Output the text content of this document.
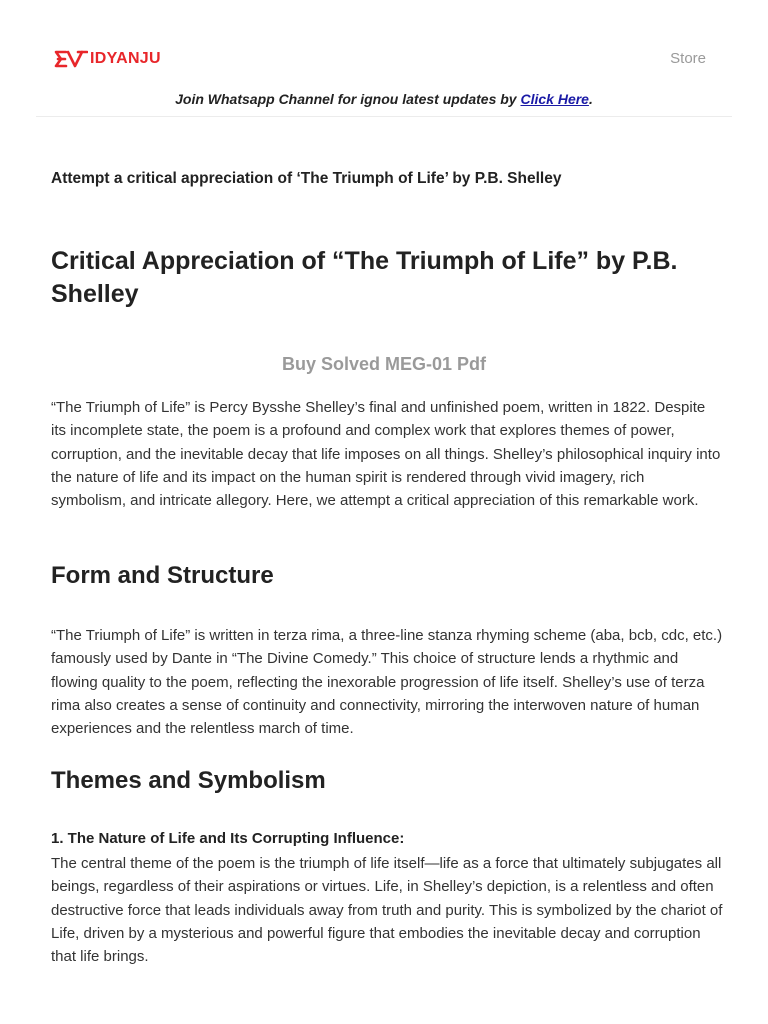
IDYANJU	Store
Join Whatsapp Channel for ignou latest updates by Click Here.
Attempt a critical appreciation of ‘The Triumph of Life’ by P.B. Shelley
Critical Appreciation of “The Triumph of Life” by P.B. Shelley
Buy Solved MEG-01 Pdf

“The Triumph of Life” is Percy Bysshe Shelley’s final and unfinished poem, written in 1822. Despite its incomplete state, the poem is a profound and complex work that explores themes of power, corruption, and the inevitable decay that life imposes on all things. Shelley’s philosophical inquiry into the nature of life and its impact on the human spirit is rendered through vivid imagery, rich symbolism, and intricate allegory. Here, we attempt a critical appreciation of this remarkable work.

Form and Structure

“The Triumph of Life” is written in terza rima, a three-line stanza rhyming scheme (aba, bcb, cdc, etc.) famously used by Dante in “The Divine Comedy.” This choice of structure lends a rhythmic and flowing quality to the poem, reflecting the inexorable progression of life itself. Shelley’s use of terza rima also creates a sense of continuity and connectivity, mirroring the interwoven nature of human experiences and the relentless march of time.

Themes and Symbolism
1. The Nature of Life and Its Corrupting Influence:

The central theme of the poem is the triumph of life itself—life as a force that ultimately subjugates all beings, regardless of their aspirations or virtues. Life, in Shelley’s depiction, is a relentless and often destructive force that leads individuals away from truth and purity. This is symbolized by the chariot of Life, driven by a mysterious and powerful figure that embodies the inevitable decay and corruption that life brings.
